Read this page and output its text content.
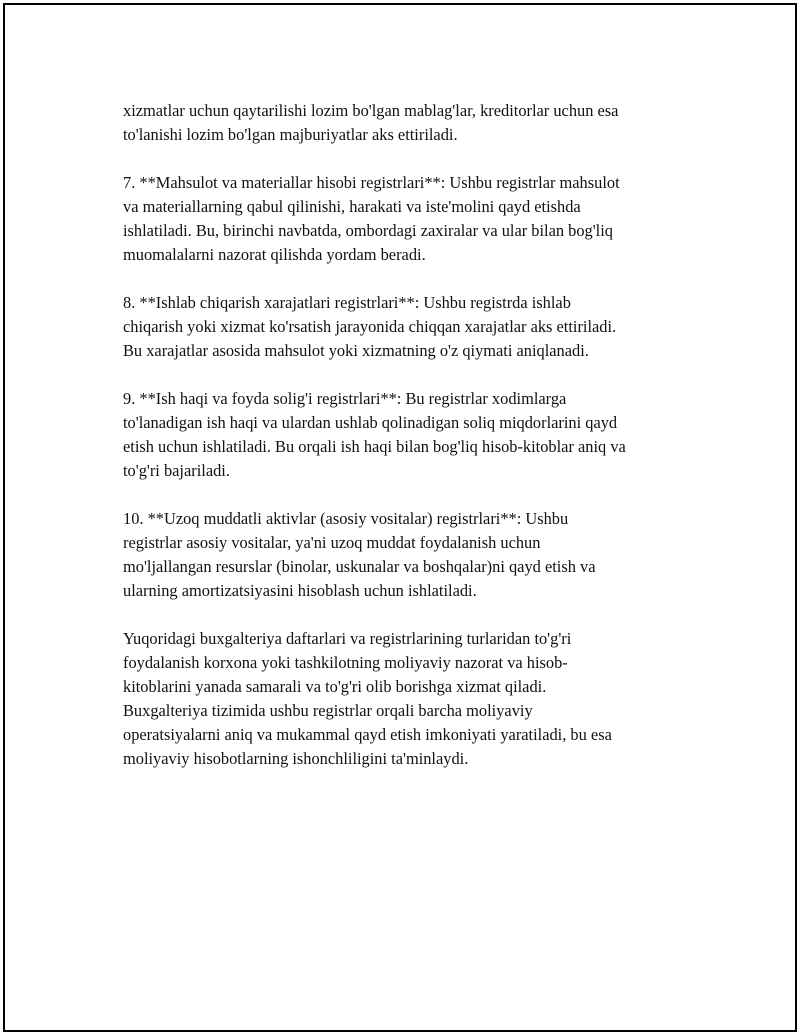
xizmatlar uchun qaytarilishi lozim bo'lgan mablag'lar, kreditorlar uchun esa
to'lanishi lozim bo'lgan majburiyatlar aks ettiriladi.

7. **Mahsulot va materiallar hisobi registrlari**: Ushbu registrlar mahsulot
va materiallarning qabul qilinishi, harakati va iste'molini qayd etishda
ishlatiladi. Bu, birinchi navbatda, ombordagi zaxiralar va ular bilan bog'liq
muomalalarni nazorat qilishda yordam beradi.

8. **Ishlab chiqarish xarajatlari registrlari**: Ushbu registrda ishlab
chiqarish yoki xizmat ko'rsatish jarayonida chiqqan xarajatlar aks ettiriladi.
Bu xarajatlar asosida mahsulot yoki xizmatning o'z qiymati aniqlanadi.

9. **Ish haqi va foyda solig'i registrlari**: Bu registrlar xodimlarga
to'lanadigan ish haqi va ulardan ushlab qolinadigan soliq miqdorlarini qayd
etish uchun ishlatiladi. Bu orqali ish haqi bilan bog'liq hisob-kitoblar aniq va
to'g'ri bajariladi.

10. **Uzoq muddatli aktivlar (asosiy vositalar) registrlari**: Ushbu
registrlar asosiy vositalar, ya'ni uzoq muddat foydalanish uchun
mo'ljallangan resurslar (binolar, uskunalar va boshqalar)ni qayd etish va
ularning amortizatsiyasini hisoblash uchun ishlatiladi.

Yuqoridagi buxgalteriya daftarlari va registrlarining turlaridan to'g'ri
foydalanish korxona yoki tashkilotning moliyaviy nazorat va hisob-
kitoblarini yanada samarali va to'g'ri olib borishga xizmat qiladi.
Buxgalteriya tizimida ushbu registrlar orqali barcha moliyaviy
operatsiyalarni aniq va mukammal qayd etish imkoniyati yaratiladi, bu esa
moliyaviy hisobotlarning ishonchliligini ta'minlaydi.
